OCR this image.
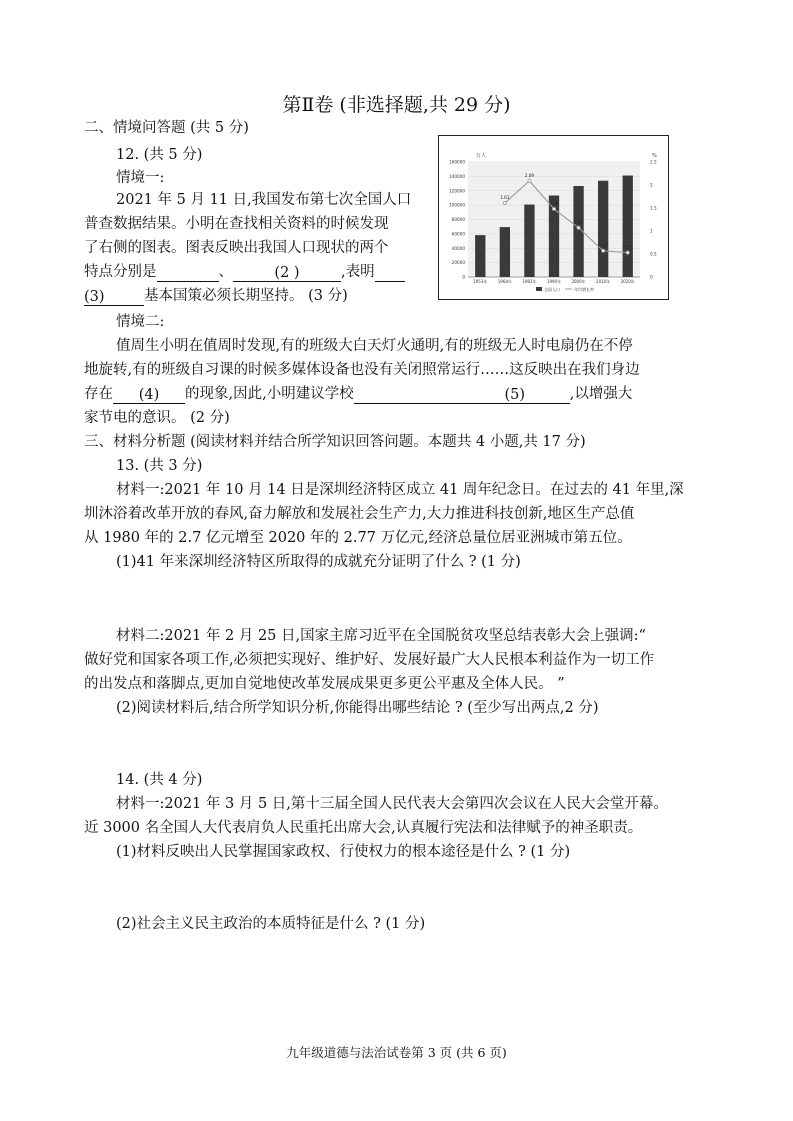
第Ⅱ卷 (非选择题,共 29 分)
二、情境问答题 (共 5 分)
12. (共 5 分)
情境一:
2021 年 5 月 11 日,我国发布第七次全国人口
普查数据结果。小明在查找相关资料的时候发现
了右侧的图表。图表反映出我国人口现状的两个
特点分别是	、	(2 )	,表明
(3)	基本国策必须长期坚持。 (3 分)
情境二:
值周生小明在值周时发现,有的班级大白天灯火通明,有的班级无人时电扇仍在不停
地旋转,有的班级自习课的时候多媒体设备也没有关闭照常运行……这反映出在我们身边
存在 (4) 的现象,因此,小明建议学校	(5)	,以增强大
家节电的意识。 (2 分)
三、材料分析题 (阅读材料并结合所学知识回答问题。本题共 4 小题,共 17 分)
13. (共 3 分)
材料一:2021 年 10 月 14 日是深圳经济特区成立 41 周年纪念日。在过去的 41 年里,深
圳沐浴着改革开放的春风,奋力解放和发展社会生产力,大力推进科技创新,地区生产总值
从 1980 年的 2.7 亿元增至 2020 年的 2.77 万亿元,经济总量位居亚洲城市第五位。
(1)41 年来深圳经济特区所取得的成就充分证明了什么 ? (1 分)
材料二:2021 年 2 月 25 日,国家主席习近平在全国脱贫攻坚总结表彰大会上强调:“
做好党和国家各项工作,必须把实现好、维护好、发展好最广大人民根本利益作为一切工作
的出发点和落脚点,更加自觉地使改革发展成果更多更公平惠及全体人民。 ”
(2)阅读材料后,结合所学知识分析,你能得出哪些结论 ? (至少写出两点,2 分)
14. (共 4 分)
材料一:2021 年 3 月 5 日,第十三届全国人民代表大会第四次会议在人民大会堂开幕。
近 3000 名全国人大代表肩负人民重托出席大会,认真履行宪法和法律赋予的神圣职责。
(1)材料反映出人民掌握国家政权、行使权力的根本途径是什么 ? (1 分)
(2)社会主义民主政治的本质特征是什么 ? (1 分)
九年级道德与法治试卷第 3 页 (共 6 页)
1.61
2.09
1.48
1.07
0.57	0.53
0
20000
40000
60000
80000
100000
120000
140000
160000
0
0.5
1
1.5
2
2.5
1953年	1964年	1982年	1990年	2000年	2010年	2020年
万人	%
全国人口	年均增长率
